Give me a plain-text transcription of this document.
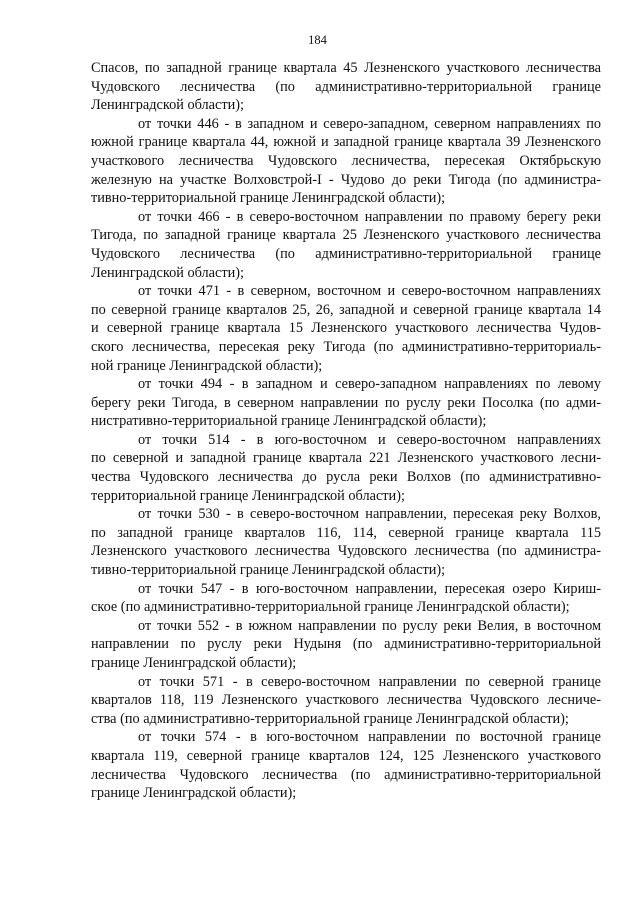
184
Спасов, по западной границе квартала 45 Лезненского участкового лесничества
Чудовского лесничества (по административно-территориальной границе
Ленинградской области);
от точки 446 - в западном и северо-западном, северном направлениях по
южной границе квартала 44, южной и западной границе квартала 39 Лезненского
участкового лесничества Чудовского лесничества, пересекая Октябрьскую
железную на участке Волховстрой-I - Чудово до реки Тигода (по администра-
тивно-территориальной границе Ленинградской области);
от точки 466 - в северо-восточном направлении по правому берегу реки
Тигода, по западной границе квартала 25 Лезненского участкового лесничества
Чудовского лесничества (по административно-территориальной границе
Ленинградской области);
от точки 471 - в северном, восточном и северо-восточном направлениях
по северной границе кварталов 25, 26, западной и северной границе квартала 14
и северной границе квартала 15 Лезненского участкового лесничества Чудов-
ского лесничества, пересекая реку Тигода (по административно-территориаль-
ной границе Ленинградской области);
от точки 494 - в западном и северо-западном направлениях по левому
берегу реки Тигода, в северном направлении по руслу реки Посолка (по адми-
нистративно-территориальной границе Ленинградской области);
от точки 514 - в юго-восточном и северо-восточном направлениях
по северной и западной границе квартала 221 Лезненского участкового лесни-
чества Чудовского лесничества до русла реки Волхов (по административно-
территориальной границе Ленинградской области);
от точки 530 - в северо-восточном направлении, пересекая реку Волхов,
по западной границе кварталов 116, 114, северной границе квартала 115
Лезненского участкового лесничества Чудовского лесничества (по администра-
тивно-территориальной границе Ленинградской области);
от точки 547 - в юго-восточном направлении, пересекая озеро Кириш-
ское (по административно-территориальной границе Ленинградской области);
от точки 552 - в южном направлении по руслу реки Велия, в восточном
направлении по руслу реки Нудыня (по административно-территориальной
границе Ленинградской области);
от точки 571 - в северо-восточном направлении по северной границе
кварталов 118, 119 Лезненского участкового лесничества Чудовского лесниче-
ства (по административно-территориальной границе Ленинградской области);
от точки 574 - в юго-восточном направлении по восточной границе
квартала 119, северной границе кварталов 124, 125 Лезненского участкового
лесничества Чудовского лесничества (по административно-территориальной
границе Ленинградской области);
